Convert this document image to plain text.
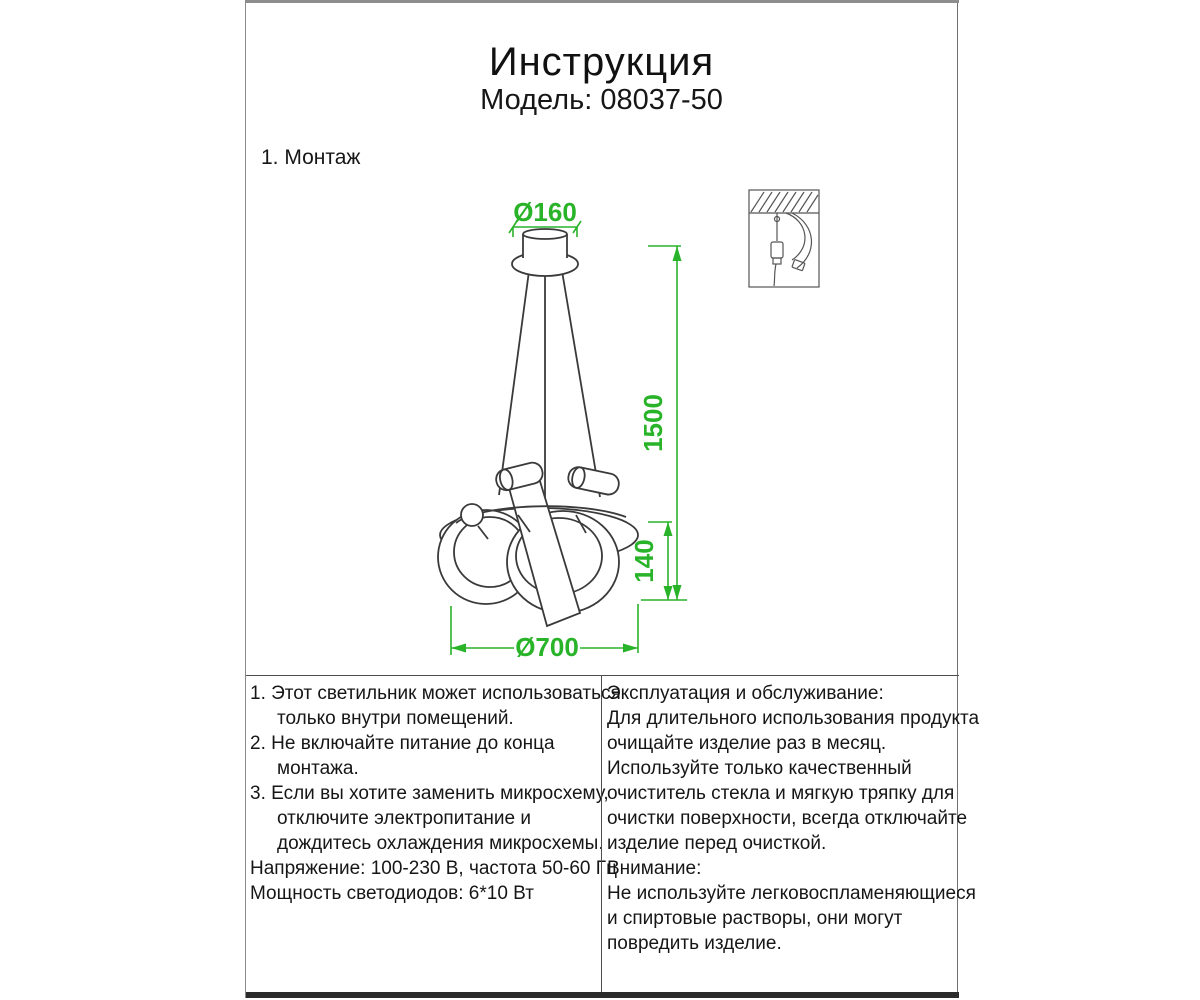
Инструкция
Модель: 08037-50
1. Монтаж
Ø160
1500
140
Ø700
1. Этот светильник может использоваться
только внутри помещений.
2. Не включайте питание до конца
монтажа.
3. Если вы хотите заменить микросхему,
отключите электропитание и
дождитесь охлаждения микросхемы.
Напряжение: 100-230 В, частота 50-60 Гц
Мощность светодиодов: 6*10 Вт
Эксплуатация и обслуживание:
Для длительного использования продукта
очищайте изделие раз в месяц.
Используйте только качественный
очиститель стекла и мягкую тряпку для
очистки поверхности, всегда отключайте
изделие перед очисткой.
Внимание:
Не используйте легковоспламеняющиеся
и спиртовые растворы, они могут
повредить изделие.
